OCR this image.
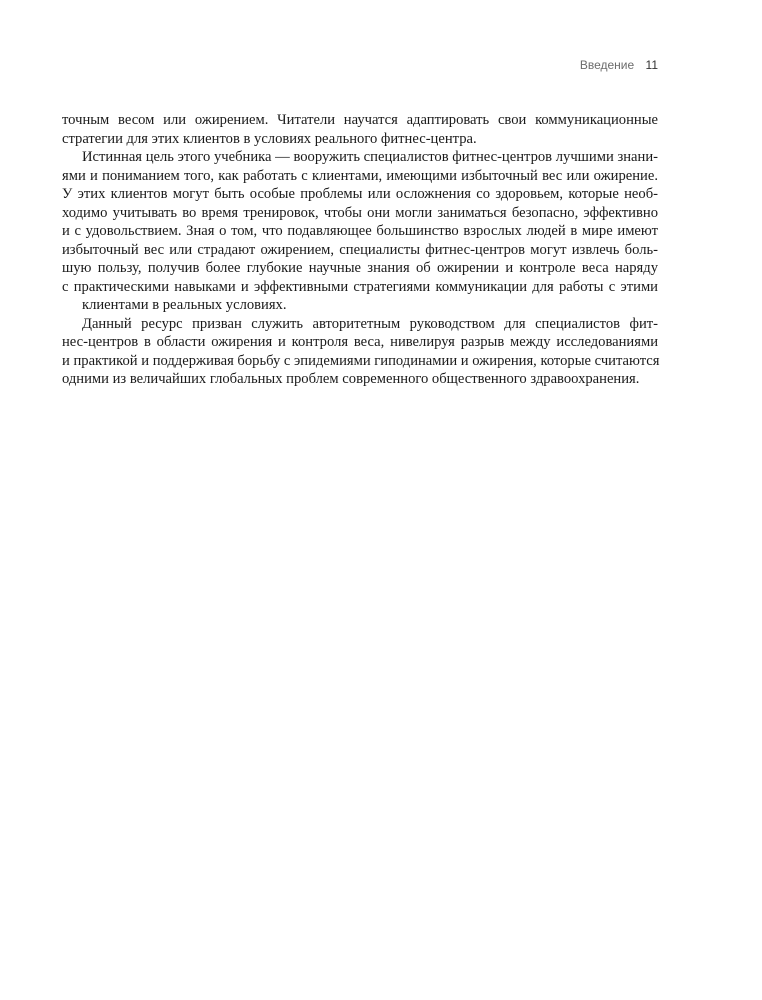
Введение 11
точным весом или ожирением. Читатели научатся адаптировать свои коммуникационные
стратегии для этих клиентов в условиях реального фитнес-центра.
Истинная цель этого учебника — вооружить специалистов фитнес-центров лучшими знани-
ями и пониманием того, как работать с клиентами, имеющими избыточный вес или ожирение.
У этих клиентов могут быть особые проблемы или осложнения со здоровьем, которые необ-
ходимо учитывать во время тренировок, чтобы они могли заниматься безопасно, эффективно
и с удовольствием. Зная о том, что подавляющее большинство взрослых людей в мире имеют
избыточный вес или страдают ожирением, специалисты фитнес-центров могут извлечь боль-
шую пользу, получив более глубокие научные знания об ожирении и контроле веса наряду
с практическими навыками и эффективными стратегиями коммуникации для работы с этими
клиентами в реальных условиях.
Данный ресурс призван служить авторитетным руководством для специалистов фит-
нес-центров в области ожирения и контроля веса, нивелируя разрыв между исследованиями
и практикой и поддерживая борьбу с эпидемиями гиподинамии и ожирения, которые считаются
одними из величайших глобальных проблем современного общественного здравоохранения.
